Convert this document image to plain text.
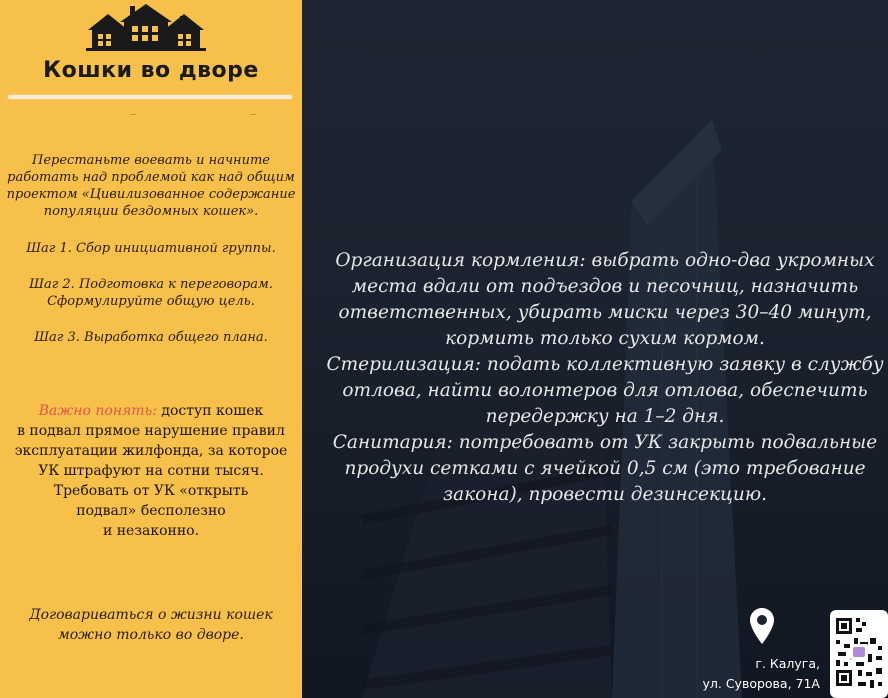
Кошки во дворе
Перестаньте воевать и начните
работать над проблемой как над общим
проектом «Цивилизованное содержание
популяции бездомных кошек».
Шаг 1. Сбор инициативной группы.
Шаг 2. Подготовка к переговорам.
Сформулируйте общую цель.
Шаг 3. Выработка общего плана.
Важно понять: доступ кошек
в подвал прямое нарушение правил
эксплуатации жилфонда, за которое
УК штрафуют на сотни тысяч.
Требовать от УК «открыть
подвал» бесполезно
и незаконно.
Договариваться о жизни кошек
можно только во дворе.
Организация кормления: выбрать одно-два укромных
места вдали от подъездов и песочниц, назначить
ответственных, убирать миски через 30–40 минут,
кормить только сухим кормом.
Стерилизация: подать коллективную заявку в службу
отлова, найти волонтеров для отлова, обеспечить
передержку на 1–2 дня.
Санитария: потребовать от УК закрыть подвальные
продухи сетками с ячейкой 0,5 см (это требование
закона), провести дезинсекцию.
г. Калуга,
ул. Суворова, 71А
